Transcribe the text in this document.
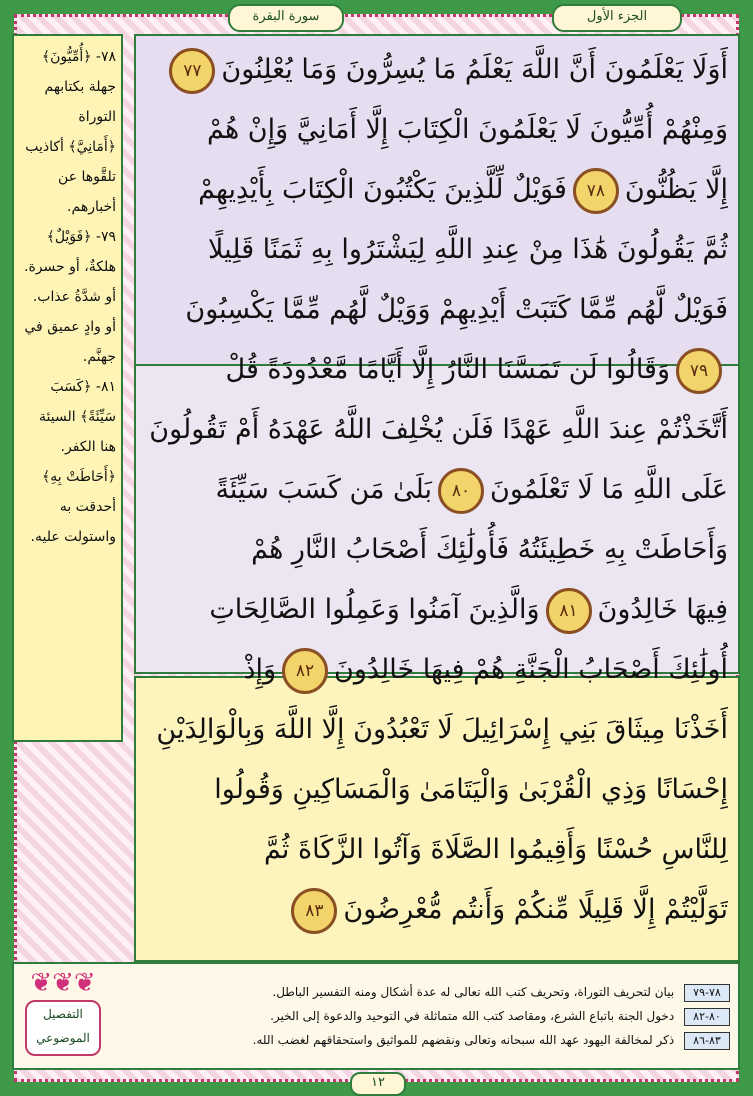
الجزء الأول
سورة البقرة
٧٨- ﴿أُمِّيُّونَ﴾ جهلة بكتابهم التوراة
﴿أَمَانِيَّ﴾ أكاذيب تلقَّوها عن أخبارهم.
٧٩- ﴿فَوَيْلٌ﴾ هلكةٌ، أو حسرة. أو شدَّةُ عذاب. أو وادٍ عميق في جهنَّم.
٨١- ﴿كَسَبَ سَيِّئَةً﴾ السيئة هنا الكفر.
﴿أَحَاطَتْ بِهِ﴾ أحدقت به واستولت عليه.
أَوَلَا يَعْلَمُونَ أَنَّ اللَّهَ يَعْلَمُ مَا يُسِرُّونَ وَمَا يُعْلِنُونَ٧٧
وَمِنْهُمْ أُمِّيُّونَ لَا يَعْلَمُونَ الْكِتَابَ إِلَّا أَمَانِيَّ وَإِنْ هُمْ
إِلَّا يَظُنُّونَ٧٨فَوَيْلٌ لِّلَّذِينَ يَكْتُبُونَ الْكِتَابَ بِأَيْدِيهِمْ
ثُمَّ يَقُولُونَ هَٰذَا مِنْ عِندِ اللَّهِ لِيَشْتَرُوا بِهِ ثَمَنًا قَلِيلًا
فَوَيْلٌ لَّهُم مِّمَّا كَتَبَتْ أَيْدِيهِمْ وَوَيْلٌ لَّهُم مِّمَّا يَكْسِبُونَ
٧٩وَقَالُوا لَن تَمَسَّنَا النَّارُ إِلَّا أَيَّامًا مَّعْدُودَةً قُلْ
أَتَّخَذْتُمْ عِندَ اللَّهِ عَهْدًا فَلَن يُخْلِفَ اللَّهُ عَهْدَهُ أَمْ تَقُولُونَ
عَلَى اللَّهِ مَا لَا تَعْلَمُونَ٨٠بَلَىٰ مَن كَسَبَ سَيِّئَةً
وَأَحَاطَتْ بِهِ خَطِيئَتُهُ فَأُولَٰئِكَ أَصْحَابُ النَّارِ هُمْ
فِيهَا خَالِدُونَ٨١وَالَّذِينَ آمَنُوا وَعَمِلُوا الصَّالِحَاتِ
أُولَٰئِكَ أَصْحَابُ الْجَنَّةِ هُمْ فِيهَا خَالِدُونَ٨٢وَإِذْ
أَخَذْنَا مِيثَاقَ بَنِي إِسْرَائِيلَ لَا تَعْبُدُونَ إِلَّا اللَّهَ وَبِالْوَالِدَيْنِ
إِحْسَانًا وَذِي الْقُرْبَىٰ وَالْيَتَامَىٰ وَالْمَسَاكِينِ وَقُولُوا
لِلنَّاسِ حُسْنًا وَأَقِيمُوا الصَّلَاةَ وَآتُوا الزَّكَاةَ ثُمَّ
تَوَلَّيْتُمْ إِلَّا قَلِيلًا مِّنكُمْ وَأَنتُم مُّعْرِضُونَ٨٣
❦❦❦
التفصيل
الموضوعي
٧٨-٧٩ بيان لتحريف التوراة، وتحريف كتب الله تعالى له عدة أشكال ومنه التفسير الباطل.
٨٠-٨٢ دخول الجنة باتباع الشرع، ومقاصد كتب الله متماثلة في التوحيد والدعوة إلى الخير.
٨٣-٨٦ ذكر لمخالفة اليهود عهد الله سبحانه وتعالى ونقضهم للمواثيق واستحقاقهم لغضب الله.
١٢
